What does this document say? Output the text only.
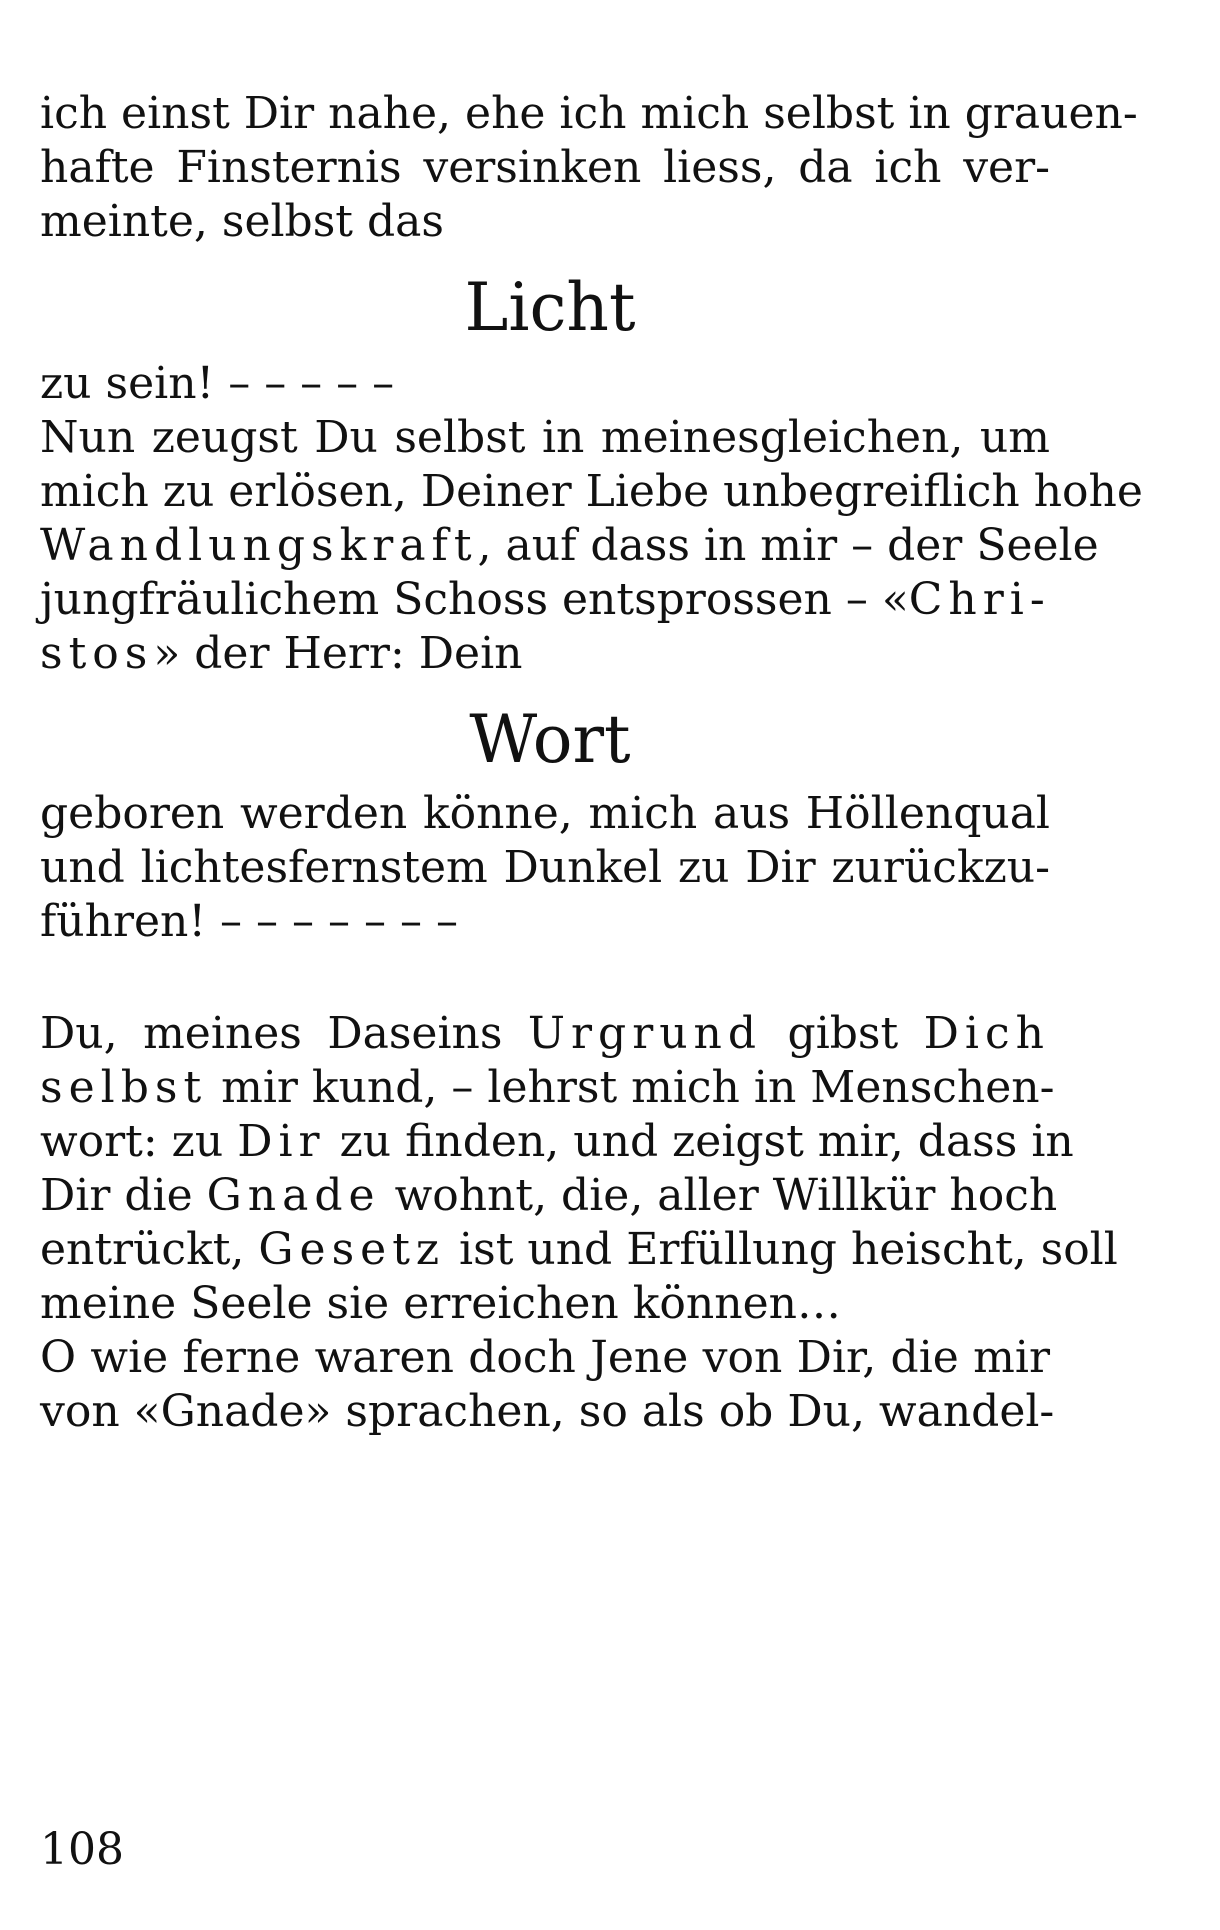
ich einst Dir nahe, ehe ich mich selbst in grauen-
hafte Finsternis versinken liess, da ich ver-
meinte, selbst das
Licht
zu sein! – – – – –
Nun zeugst Du selbst in meinesgleichen, um
mich zu erlösen, Deiner Liebe unbegreiflich hohe
Wandlungskraft, auf dass in mir – der Seele
jungfräulichem Schoss entsprossen – «Chri-
stos» der Herr: Dein
Wort
geboren werden könne, mich aus Höllenqual
und lichtesfernstem Dunkel zu Dir zurückzu-
führen! – – – – – – –
Du, meines Daseins Urgrund gibst Dich
selbst mir kund, – lehrst mich in Menschen-
wort: zu Dir zu finden, und zeigst mir, dass in
Dir die Gnade wohnt, die, aller Willkür hoch
entrückt, Gesetz ist und Erfüllung heischt, soll
meine Seele sie erreichen können…
O wie ferne waren doch Jene von Dir, die mir
von «Gnade» sprachen, so als ob Du, wandel-
108
